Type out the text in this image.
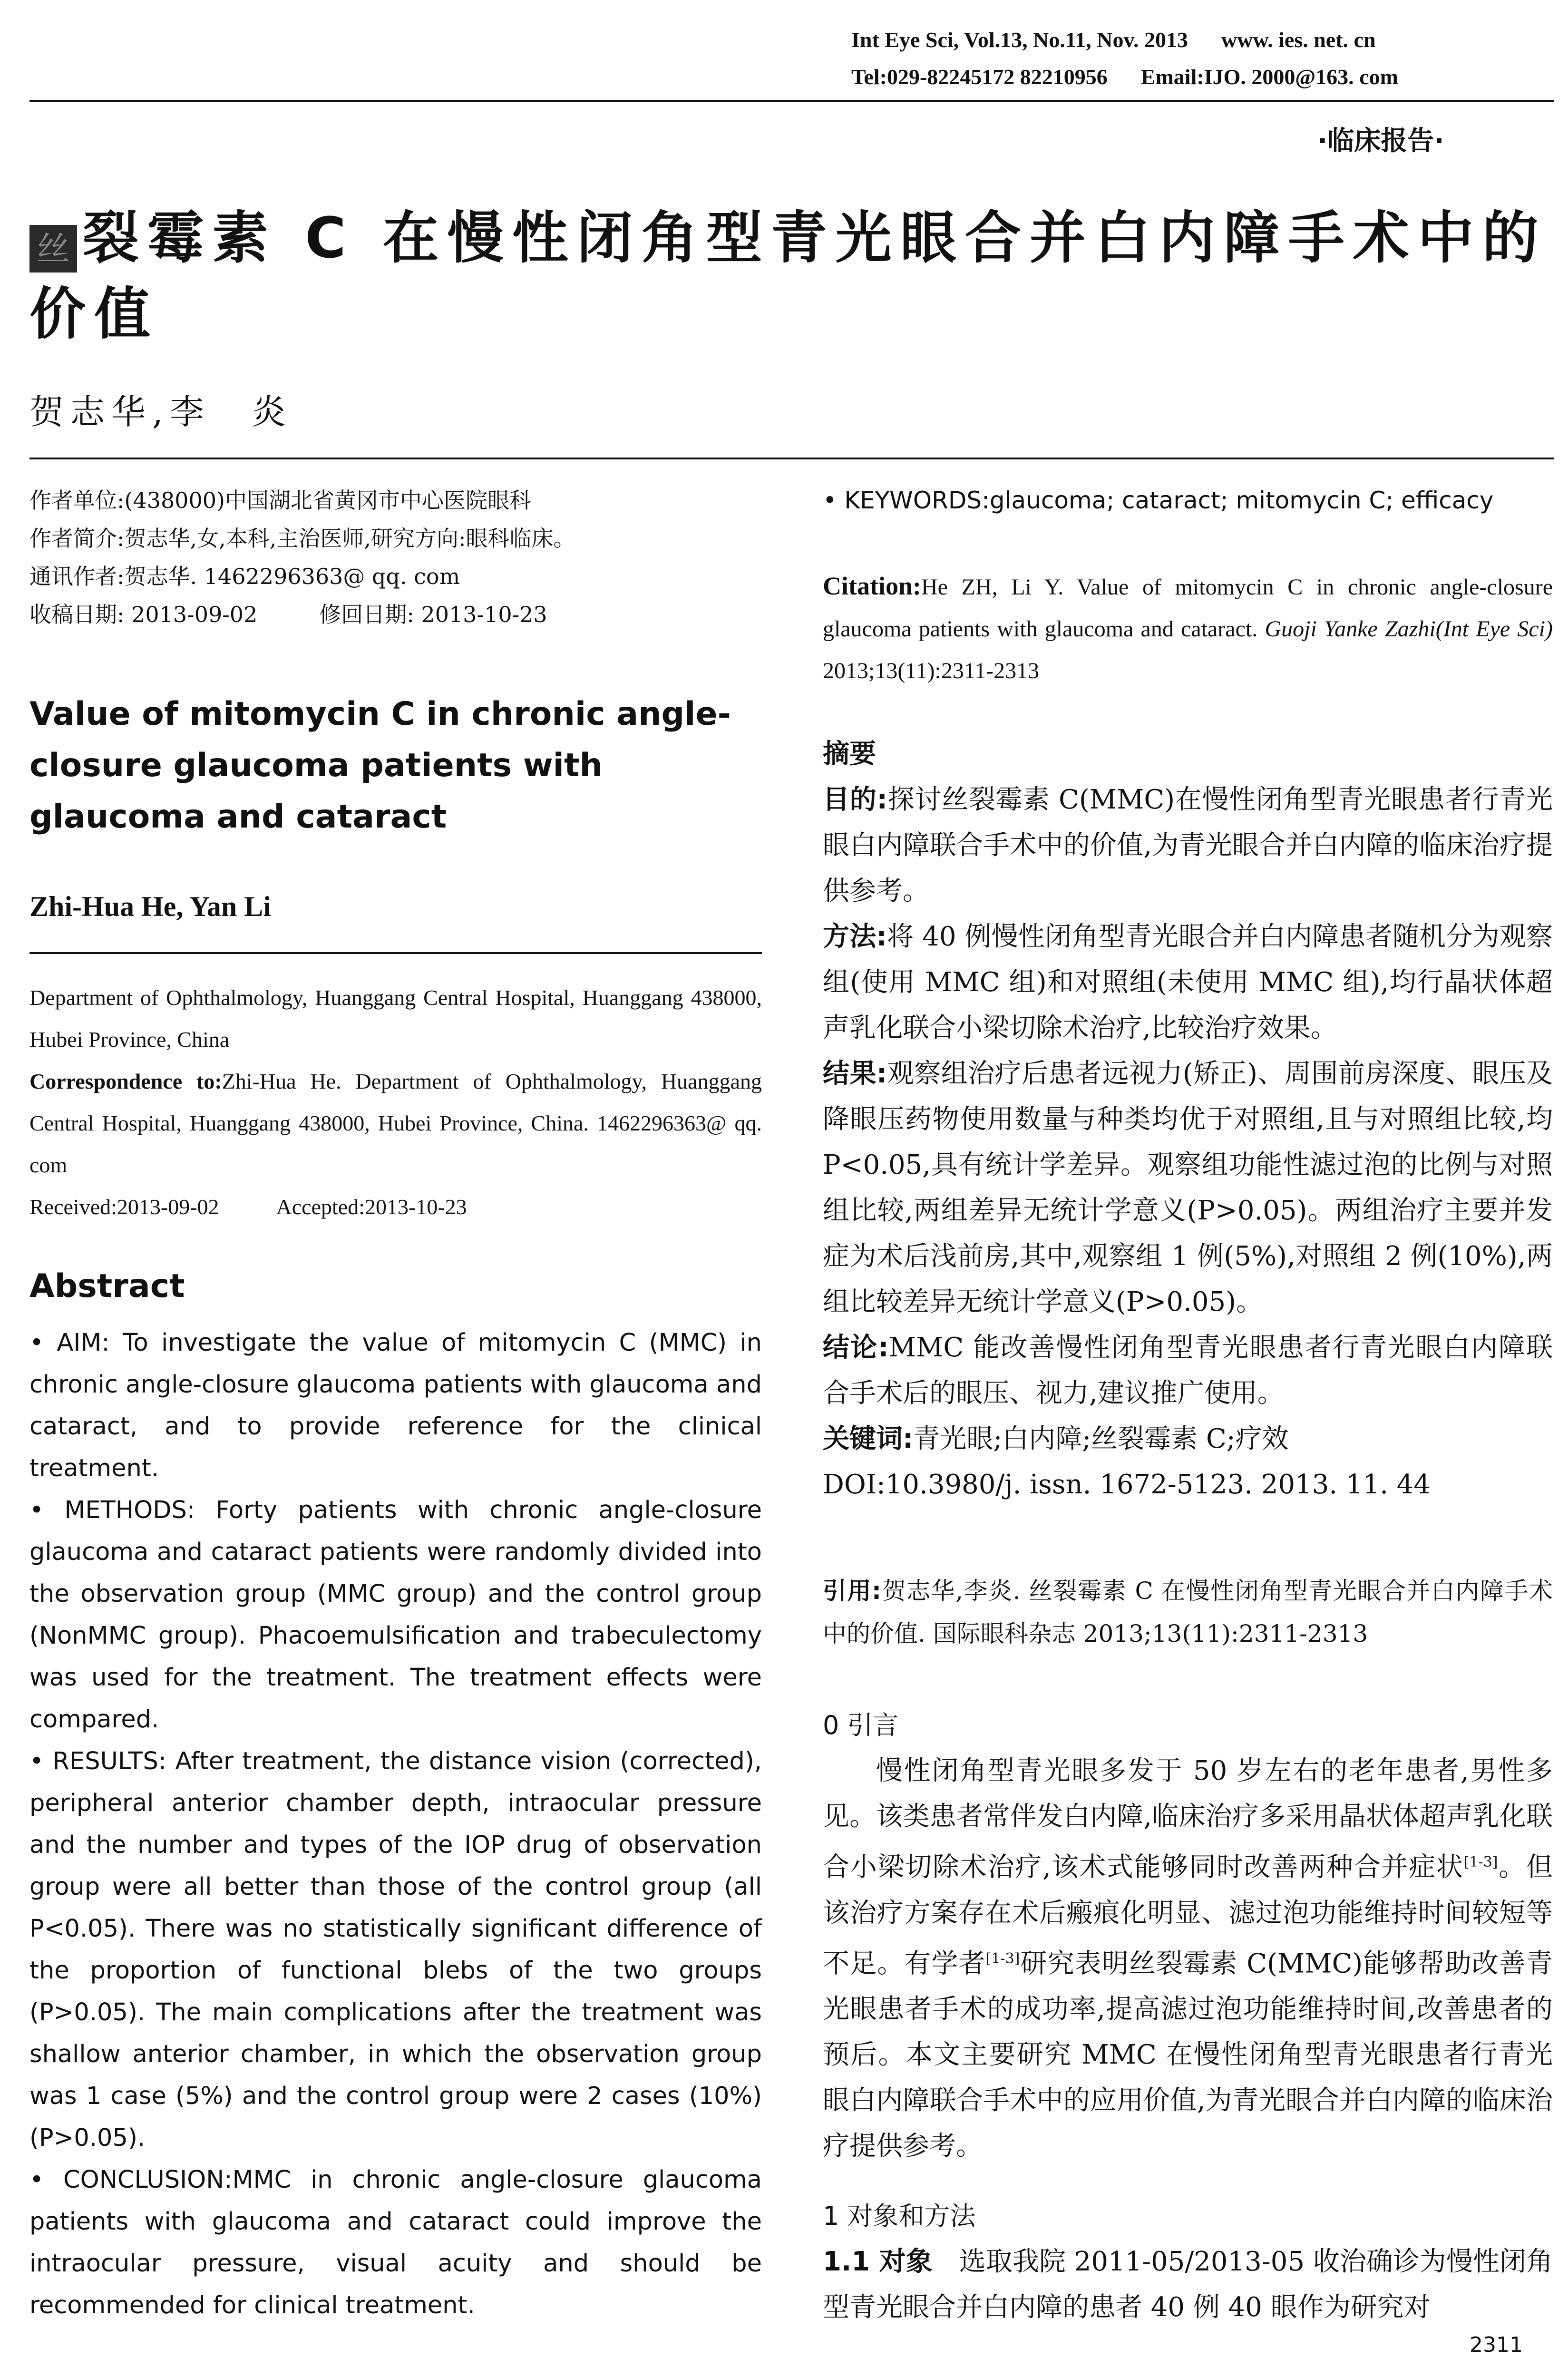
Int Eye Sci, Vol.13, No.11, Nov. 2013 www. ies. net. cn
Tel:029-82245172 82210956 Email:IJO. 2000@163. com
·临床报告·
丝 裂霉素 C 在慢性闭角型青光眼合并白内障手术中的价值
贺志华,李　炎
作者单位:(438000)中国湖北省黄冈市中心医院眼科
作者简介:贺志华,女,本科,主治医师,研究方向:眼科临床。
通讯作者:贺志华. 1462296363@ qq. com
收稿日期: 2013-09-02	修回日期: 2013-10-23
Value of mitomycin C in chronic angle-closure glaucoma patients with glaucoma and cataract
Zhi-Hua He, Yan Li
Department of Ophthalmology, Huanggang Central Hospital, Huanggang 438000, Hubei Province, China
Correspondence to:Zhi-Hua He. Department of Ophthalmology, Huanggang Central Hospital, Huanggang 438000, Hubei Province, China. 1462296363@ qq. com
Received:2013-09-02	Accepted:2013-10-23
Abstract

• AIM: To investigate the value of mitomycin C (MMC) in chronic angle-closure glaucoma patients with glaucoma and cataract, and to provide reference for the clinical treatment.

• METHODS: Forty patients with chronic angle-closure glaucoma and cataract patients were randomly divided into the observation group (MMC group) and the control group (NonMMC group). Phacoemulsification and trabeculectomy was used for the treatment. The treatment effects were compared.

• RESULTS: After treatment, the distance vision (corrected), peripheral anterior chamber depth, intraocular pressure and the number and types of the IOP drug of observation group were all better than those of the control group (all P<0.05). There was no statistically significant difference of the proportion of functional blebs of the two groups (P>0.05). The main complications after the treatment was shallow anterior chamber, in which the observation group was 1 case (5%) and the control group were 2 cases (10%) (P>0.05).

• CONCLUSION:MMC in chronic angle-closure glaucoma patients with glaucoma and cataract could improve the intraocular pressure, visual acuity and should be recommended for clinical treatment.

• KEYWORDS:glaucoma; cataract; mitomycin C; efficacy
Citation:He ZH, Li Y. Value of mitomycin C in chronic angle-closure glaucoma patients with glaucoma and cataract. Guoji Yanke Zazhi(Int Eye Sci) 2013;13(11):2311-2313

摘要

目的:探讨丝裂霉素 C(MMC)在慢性闭角型青光眼患者行青光眼白内障联合手术中的价值,为青光眼合并白内障的临床治疗提供参考。

方法:将 40 例慢性闭角型青光眼合并白内障患者随机分为观察组(使用 MMC 组)和对照组(未使用 MMC 组),均行晶状体超声乳化联合小梁切除术治疗,比较治疗效果。

结果:观察组治疗后患者远视力(矫正)、周围前房深度、眼压及降眼压药物使用数量与种类均优于对照组,且与对照组比较,均 P<0.05,具有统计学差异。观察组功能性滤过泡的比例与对照组比较,两组差异无统计学意义(P>0.05)。两组治疗主要并发症为术后浅前房,其中,观察组 1 例(5%),对照组 2 例(10%),两组比较差异无统计学意义(P>0.05)。

结论:MMC 能改善慢性闭角型青光眼患者行青光眼白内障联合手术后的眼压、视力,建议推广使用。

关键词:青光眼;白内障;丝裂霉素 C;疗效

DOI:10.3980/j. issn. 1672-5123. 2013. 11. 44

引用:贺志华,李炎. 丝裂霉素 C 在慢性闭角型青光眼合并白内障手术中的价值. 国际眼科杂志 2013;13(11):2311-2313
0 引言

慢性闭角型青光眼多发于 50 岁左右的老年患者,男性多见。该类患者常伴发白内障,临床治疗多采用晶状体超声乳化联合小梁切除术治疗,该术式能够同时改善两种合并症状[1-3]。但该治疗方案存在术后瘢痕化明显、滤过泡功能维持时间较短等不足。有学者[1-3]研究表明丝裂霉素 C(MMC)能够帮助改善青光眼患者手术的成功率,提高滤过泡功能维持时间,改善患者的预后。本文主要研究 MMC 在慢性闭角型青光眼患者行青光眼白内障联合手术中的应用价值,为青光眼合并白内障的临床治疗提供参考。

1 对象和方法

1.1 对象　 选取我院 2011-05/2013-05 收治确诊为慢性闭角型青光眼合并白内障的患者 40 例 40 眼作为研究对

2311
